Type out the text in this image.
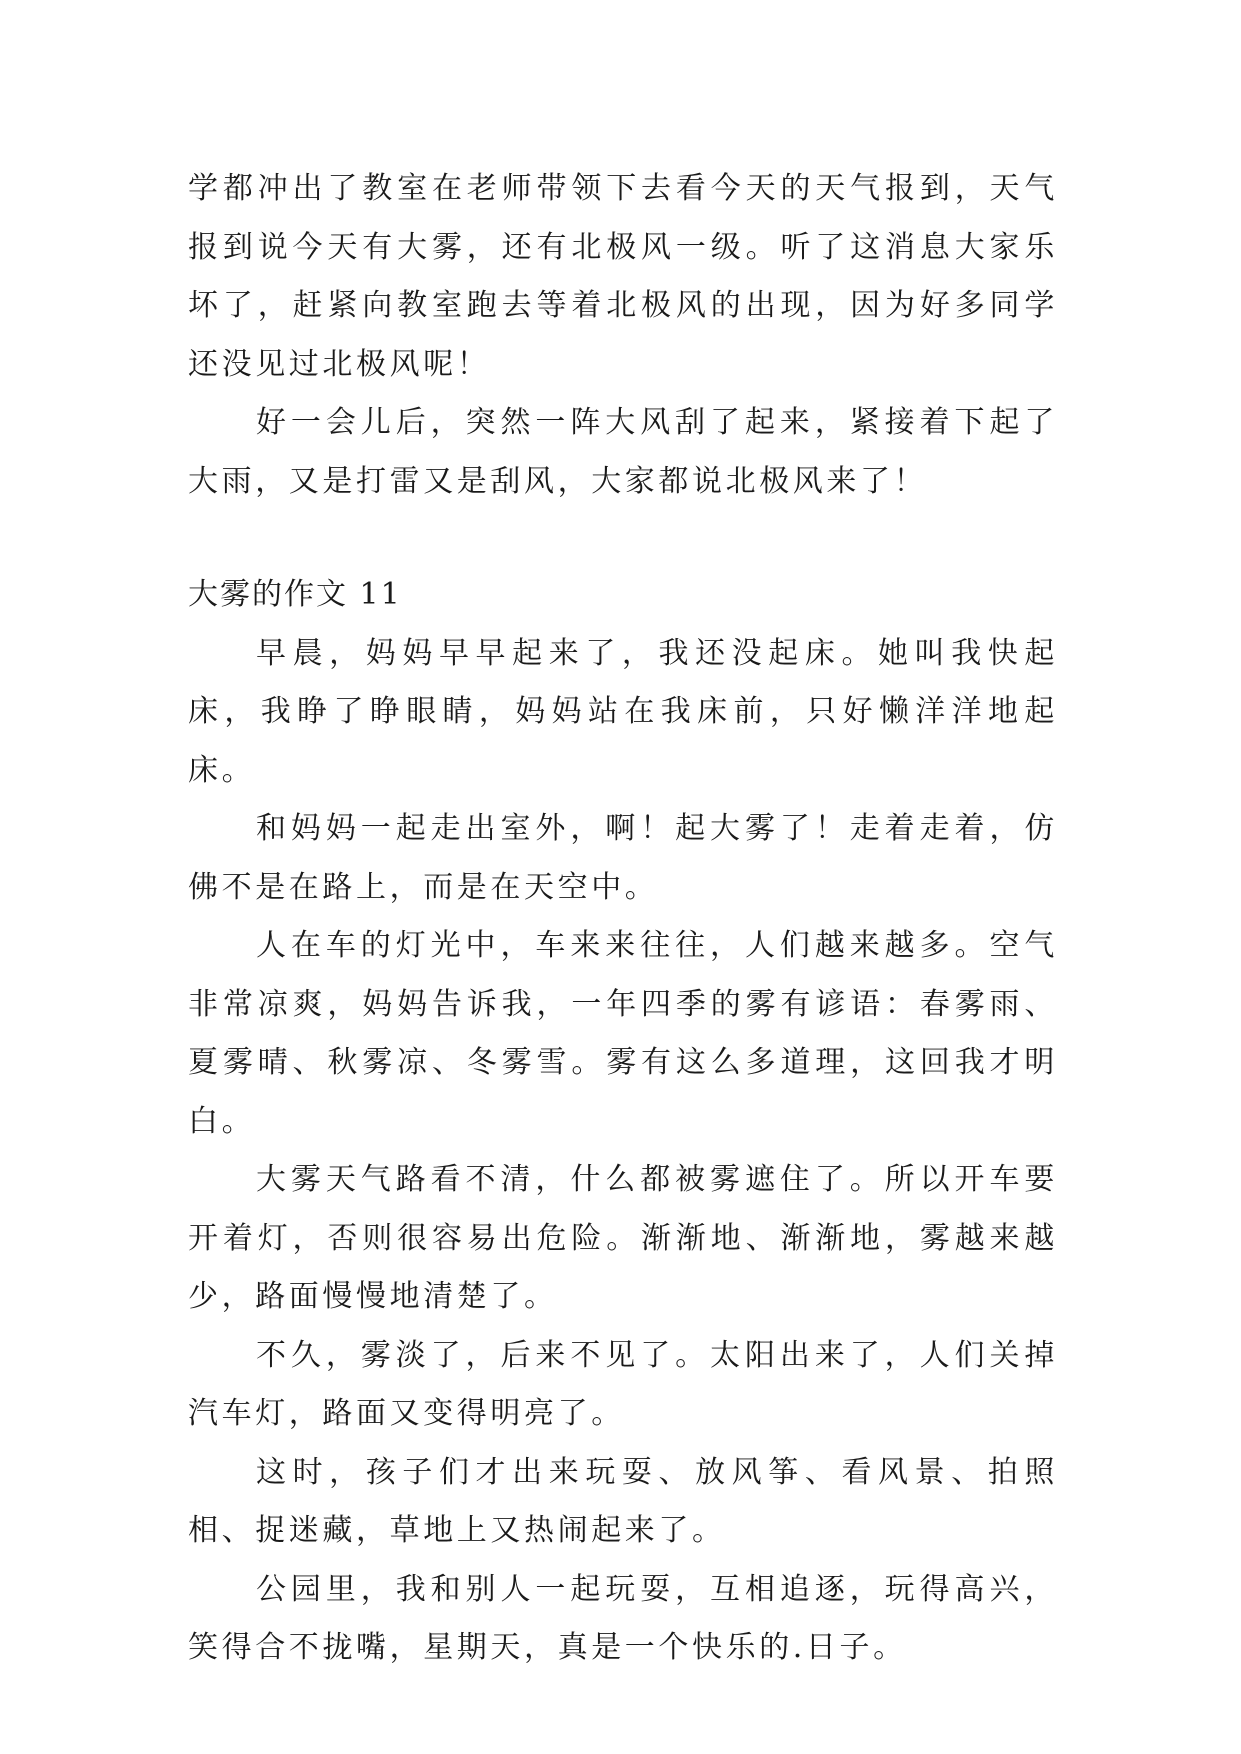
学都冲出了教室在老师带领下去看今天的天气报到，天气报到说今天有大雾，还有北极风一级。听了这消息大家乐坏了，赶紧向教室跑去等着北极风的出现，因为好多同学还没见过北极风呢！

好一会儿后，突然一阵大风刮了起来，紧接着下起了大雨，又是打雷又是刮风，大家都说北极风来了！

大雾的作文 11

早晨，妈妈早早起来了，我还没起床。她叫我快起床，我睁了睁眼睛，妈妈站在我床前，只好懒洋洋地起床。

和妈妈一起走出室外，啊！起大雾了！走着走着，仿佛不是在路上，而是在天空中。

人在车的灯光中，车来来往往，人们越来越多。空气非常凉爽，妈妈告诉我，一年四季的雾有谚语：春雾雨、夏雾晴、秋雾凉、冬雾雪。雾有这么多道理，这回我才明白。

大雾天气路看不清，什么都被雾遮住了。所以开车要开着灯，否则很容易出危险。渐渐地、渐渐地，雾越来越少，路面慢慢地清楚了。

不久，雾淡了，后来不见了。太阳出来了，人们关掉汽车灯，路面又变得明亮了。

这时，孩子们才出来玩耍、放风筝、看风景、拍照相、捉迷藏，草地上又热闹起来了。

公园里，我和别人一起玩耍，互相追逐，玩得高兴，笑得合不拢嘴，星期天，真是一个快乐的.日子。
